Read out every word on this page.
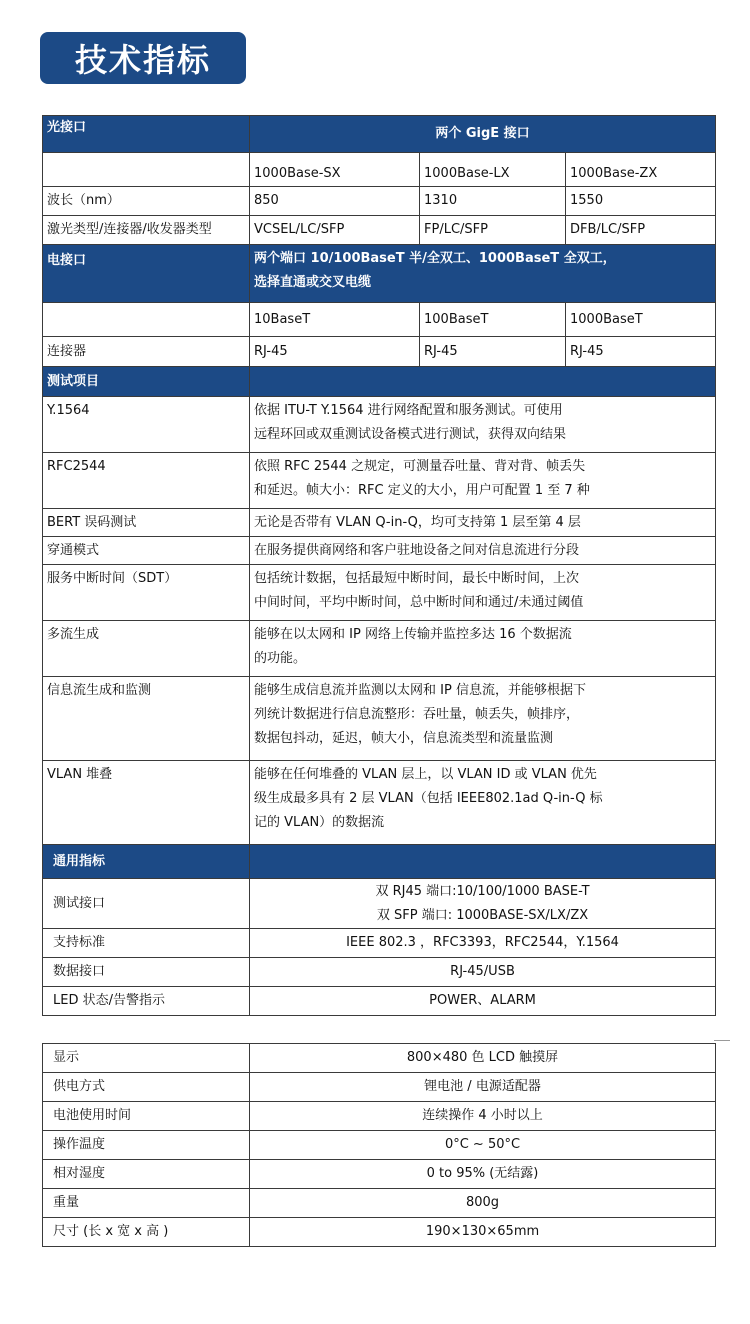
技术指标
光接口	两个 GigE 接口		
	1000Base-SX	1000Base-LX	1000Base-ZX
波长（nm）	850	1310	1550
激光类型/连接器/收发器类型	VCSEL/LC/SFP	FP/LC/SFP	DFB/LC/SFP
电接口	两个端口 10/100BaseT 半/全双工、1000BaseT 全双工，
选择直通或交叉电缆		

	10BaseT	100BaseT	1000BaseT
连接器	RJ-45	RJ-45	RJ-45
测试项目			
Y.1564	依据 ITU-T Y.1564 进行网络配置和服务测试。可使用
远程环回或双重测试设备模式进行测试，获得双向结果		

RFC2544	依照 RFC 2544 之规定，可测量吞吐量、背对背、帧丢失
和延迟。帧大小：RFC 定义的大小，用户可配置 1 至 7 种		

BERT 误码测试	无论是否带有 VLAN Q-in-Q，均可支持第 1 层至第 4 层		

穿通模式	在服务提供商网络和客户驻地设备之间对信息流进行分段		

服务中断时间（SDT）	包括统计数据，包括最短中断时间，最长中断时间，上次
中间时间，平均中断时间，总中断时间和通过/未通过阈值		

多流生成	能够在以太网和 IP 网络上传输并监控多达 16 个数据流
的功能。		

信息流生成和监测	能够生成信息流并监测以太网和 IP 信息流，并能够根据下
列统计数据进行信息流整形：吞吐量，帧丢失，帧排序，
数据包抖动，延迟，帧大小，信息流类型和流量监测		

VLAN 堆叠	能够在任何堆叠的 VLAN 层上，以 VLAN ID 或 VLAN 优先
级生成最多具有 2 层 VLAN（包括 IEEE802.1ad Q-in-Q 标
记的 VLAN）的数据流		

通用指标			
测试接口	双 RJ45 端口:10/100/1000 BASE-T
双 SFP 端口: 1000BASE-SX/LX/ZX		

支持标准	IEEE 802.3 ，RFC3393，RFC2544，Y.1564		
数据接口	RJ-45/USB		
LED 状态/告警指示	POWER、ALARM		
显示	800×480 色 LCD 触摸屏
供电方式	锂电池 / 电源适配器
电池使用时间	连续操作 4 小时以上
操作温度	0°C ~ 50°C
相对湿度	0 to 95% (无结露)
重量	800g
尺寸 (长 x 宽 x 高 )	190×130×65mm
